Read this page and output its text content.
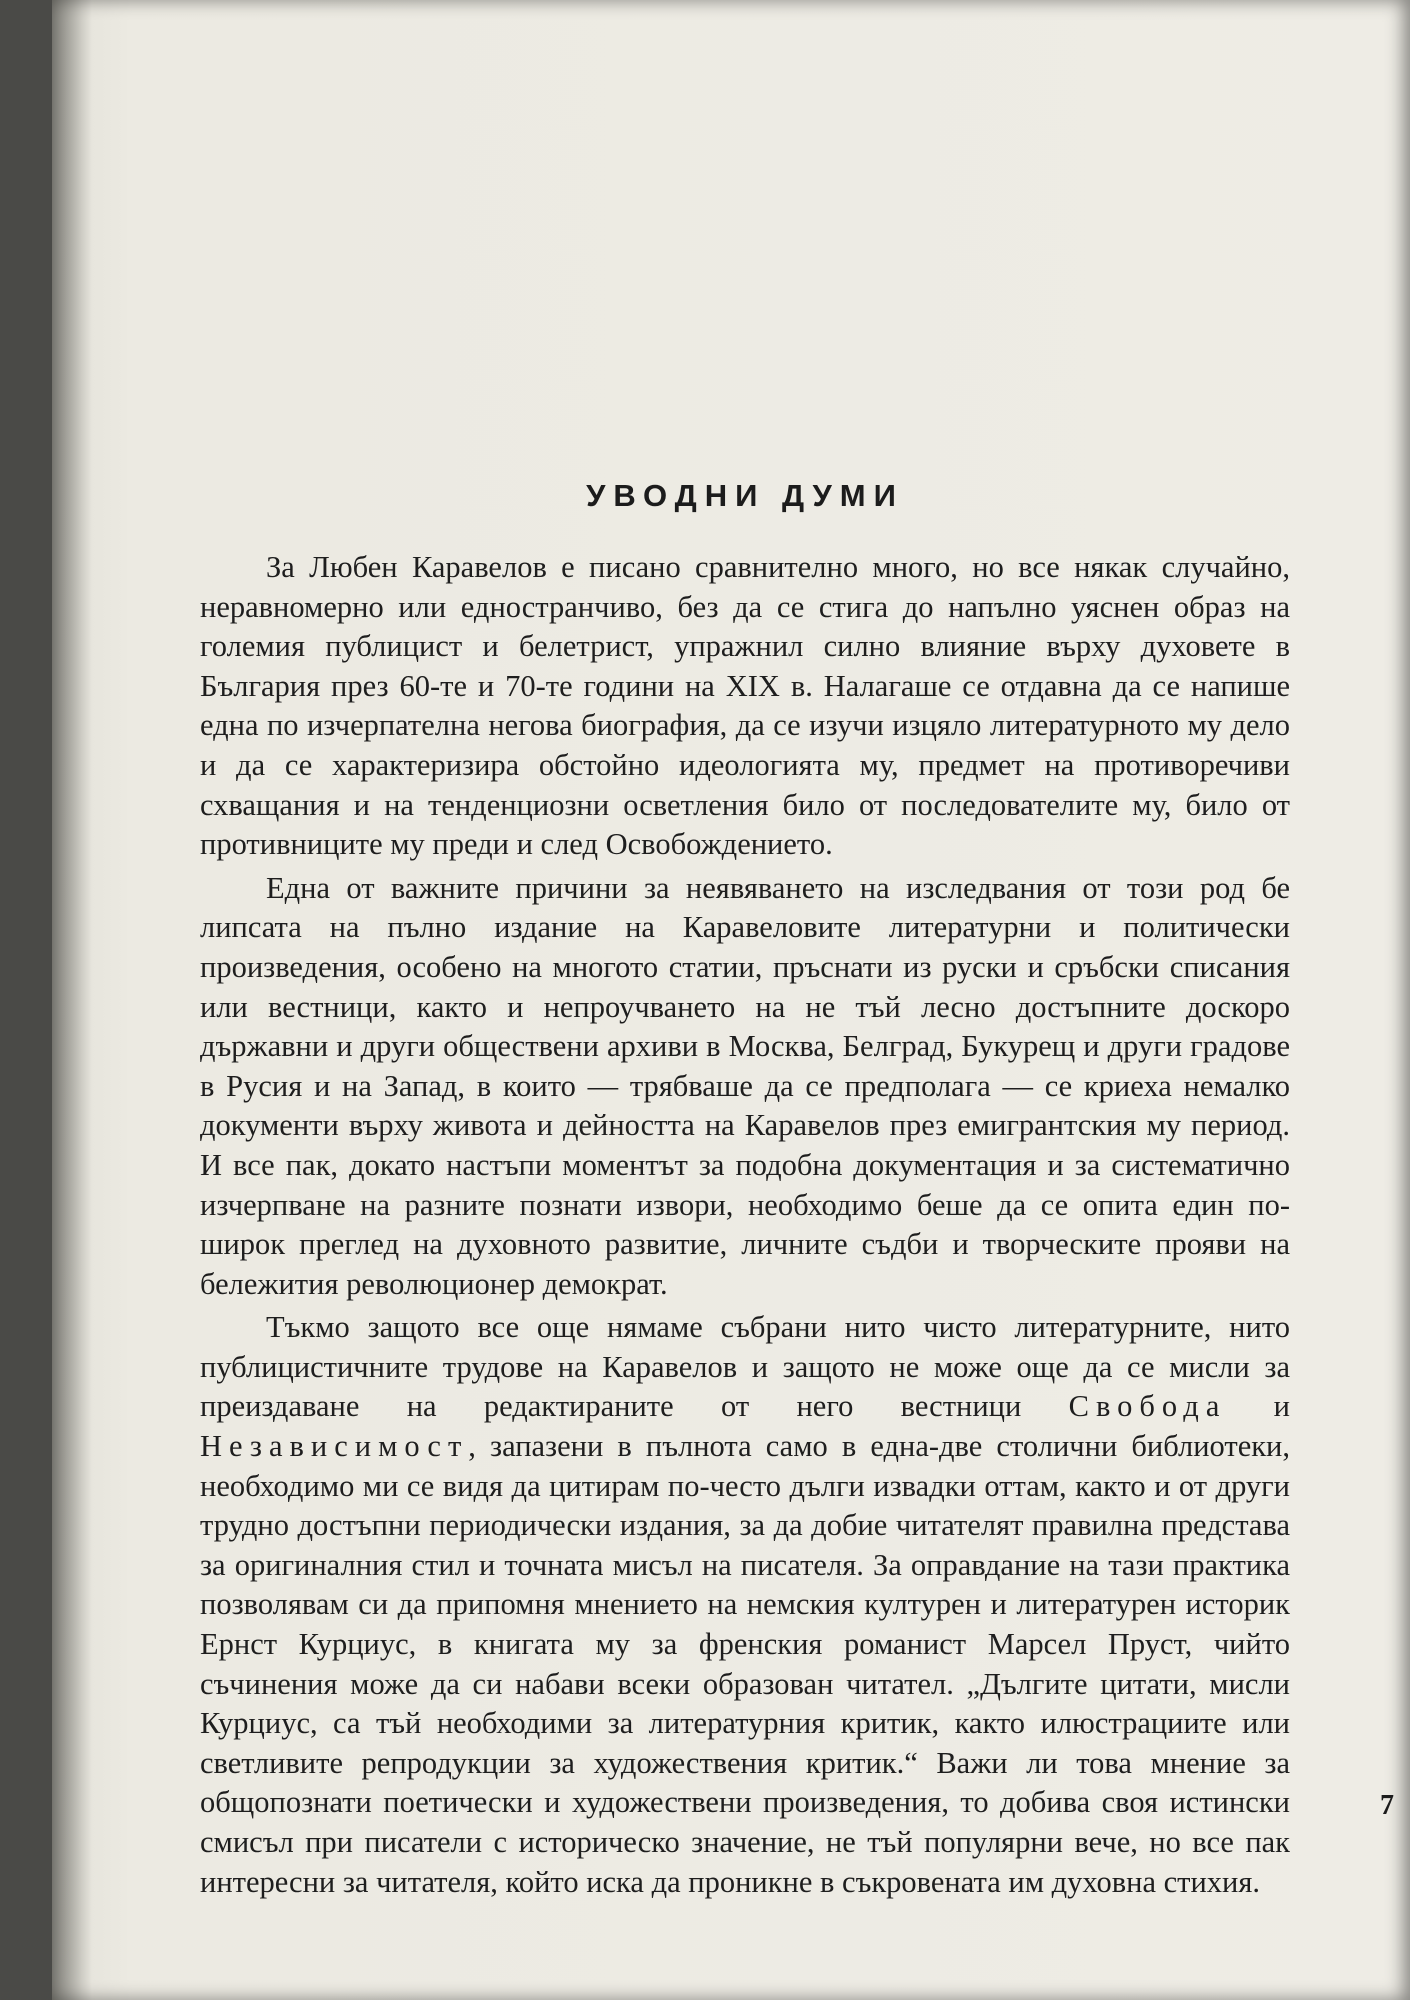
УВОДНИ ДУМИ

За Любен Каравелов е писано сравнително много, но все някак случайно, неравномерно или едностранчиво, без да се стига до напълно уяснен образ на големия публицист и белетрист, упражнил силно влияние върху духовете в България през 60-те и 70-те години на XIX в. Налагаше се отдавна да се напише една по изчерпателна негова биография, да се изучи изцяло литературното му дело и да се характеризира обстойно идеологията му, предмет на противоречиви схващания и на тенденциозни осветления било от последователите му, било от противниците му преди и след Освобождението.

Една от важните причини за неявяването на изследвания от този род бе липсата на пълно издание на Каравеловите литературни и политически произведения, особено на многото статии, пръснати из руски и сръбски списания или вестници, както и непроучването на не тъй лесно достъпните доскоро държавни и други обществени архиви в Москва, Белград, Букурещ и други градове в Русия и на Запад, в които — трябваше да се предполага — се криеха немалко документи върху живота и дейността на Каравелов през емигрантския му период. И все пак, докато настъпи моментът за подобна документация и за систематично изчерпване на разните познати извори, необходимо беше да се опита един по-широк преглед на духовното развитие, личните съдби и творческите прояви на бележития революционер демократ.

Тъкмо защото все още нямаме събрани нито чисто литературните, нито публицистичните трудове на Каравелов и защото не може още да се мисли за преиздаване на редактираните от него вестници Свобода и Независимост, запазени в пълнота само в една-две столични библиотеки, необходимо ми се видя да цитирам по-често дълги извадки оттам, както и от други трудно достъпни периодически издания, за да добие читателят правилна представа за оригиналния стил и точната мисъл на писателя. За оправдание на тази практика позволявам си да припомня мнението на немския културен и литературен историк Ернст Курциус, в книгата му за френския романист Марсел Пруст, чийто съчинения може да си набави всеки образован читател. „Дългите цитати, мисли Курциус, са тъй необходими за литературния критик, както илюстрациите или светливите репродукции за художествения критик.“ Важи ли това мнение за общопознати поетически и художествени произведения, то добива своя истински смисъл при писатели с историческо значение, не тъй популярни вече, но все пак интересни за читателя, който иска да проникне в съкровената им духовна стихия.

7
